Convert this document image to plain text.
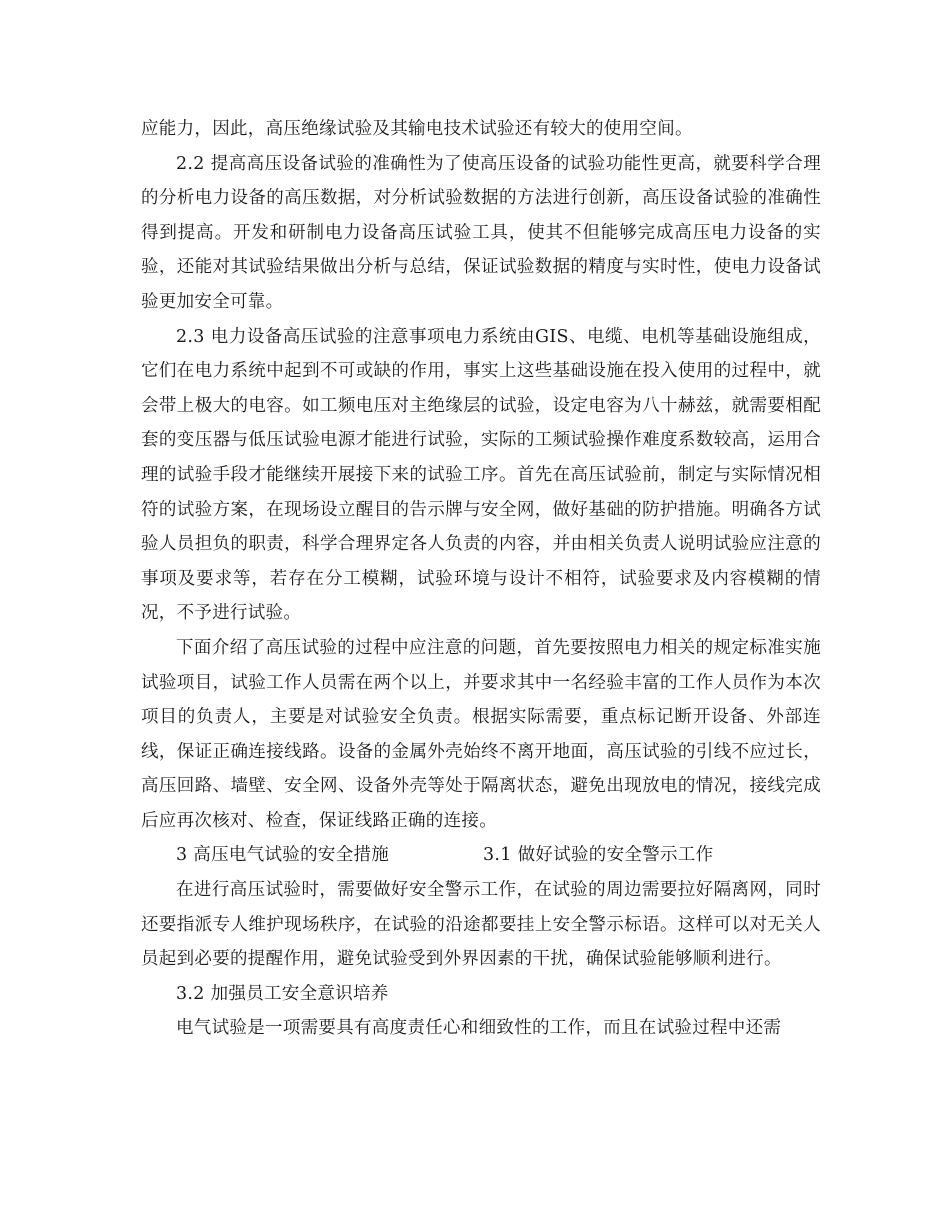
应能力，因此，高压绝缘试验及其输电技术试验还有较大的使用空间。

2.2 提高高压设备试验的准确性为了使高压设备的试验功能性更高，就要科学合理的分析电力设备的高压数据，对分析试验数据的方法进行创新，高压设备试验的准确性得到提高。开发和研制电力设备高压试验工具，使其不但能够完成高压电力设备的实验，还能对其试验结果做出分析与总结，保证试验数据的精度与实时性，使电力设备试验更加安全可靠。

2.3 电力设备高压试验的注意事项电力系统由GIS、电缆、电机等基础设施组成，它们在电力系统中起到不可或缺的作用，事实上这些基础设施在投入使用的过程中，就会带上极大的电容。如工频电压对主绝缘层的试验，设定电容为八十赫兹，就需要相配套的变压器与低压试验电源才能进行试验，实际的工频试验操作难度系数较高，运用合理的试验手段才能继续开展接下来的试验工序。首先在高压试验前，制定与实际情况相符的试验方案，在现场设立醒目的告示牌与安全网，做好基础的防护措施。明确各方试验人员担负的职责，科学合理界定各人负责的内容，并由相关负责人说明试验应注意的事项及要求等，若存在分工模糊，试验环境与设计不相符，试验要求及内容模糊的情况，不予进行试验。

下面介绍了高压试验的过程中应注意的问题，首先要按照电力相关的规定标准实施试验项目，试验工作人员需在两个以上，并要求其中一名经验丰富的工作人员作为本次项目的负责人，主要是对试验安全负责。根据实际需要，重点标记断开设备、外部连线，保证正确连接线路。设备的金属外壳始终不离开地面，高压试验的引线不应过长，高压回路、墙壁、安全网、设备外壳等处于隔离状态，避免出现放电的情况，接线完成后应再次核对、检查，保证线路正确的连接。

3 高压电气试验的安全措施	3.1 做好试验的安全警示工作

在进行高压试验时，需要做好安全警示工作，在试验的周边需要拉好隔离网，同时还要指派专人维护现场秩序，在试验的沿途都要挂上安全警示标语。这样可以对无关人员起到必要的提醒作用，避免试验受到外界因素的干扰，确保试验能够顺利进行。

3.2 加强员工安全意识培养

电气试验是一项需要具有高度责任心和细致性的工作，而且在试验过程中还需
